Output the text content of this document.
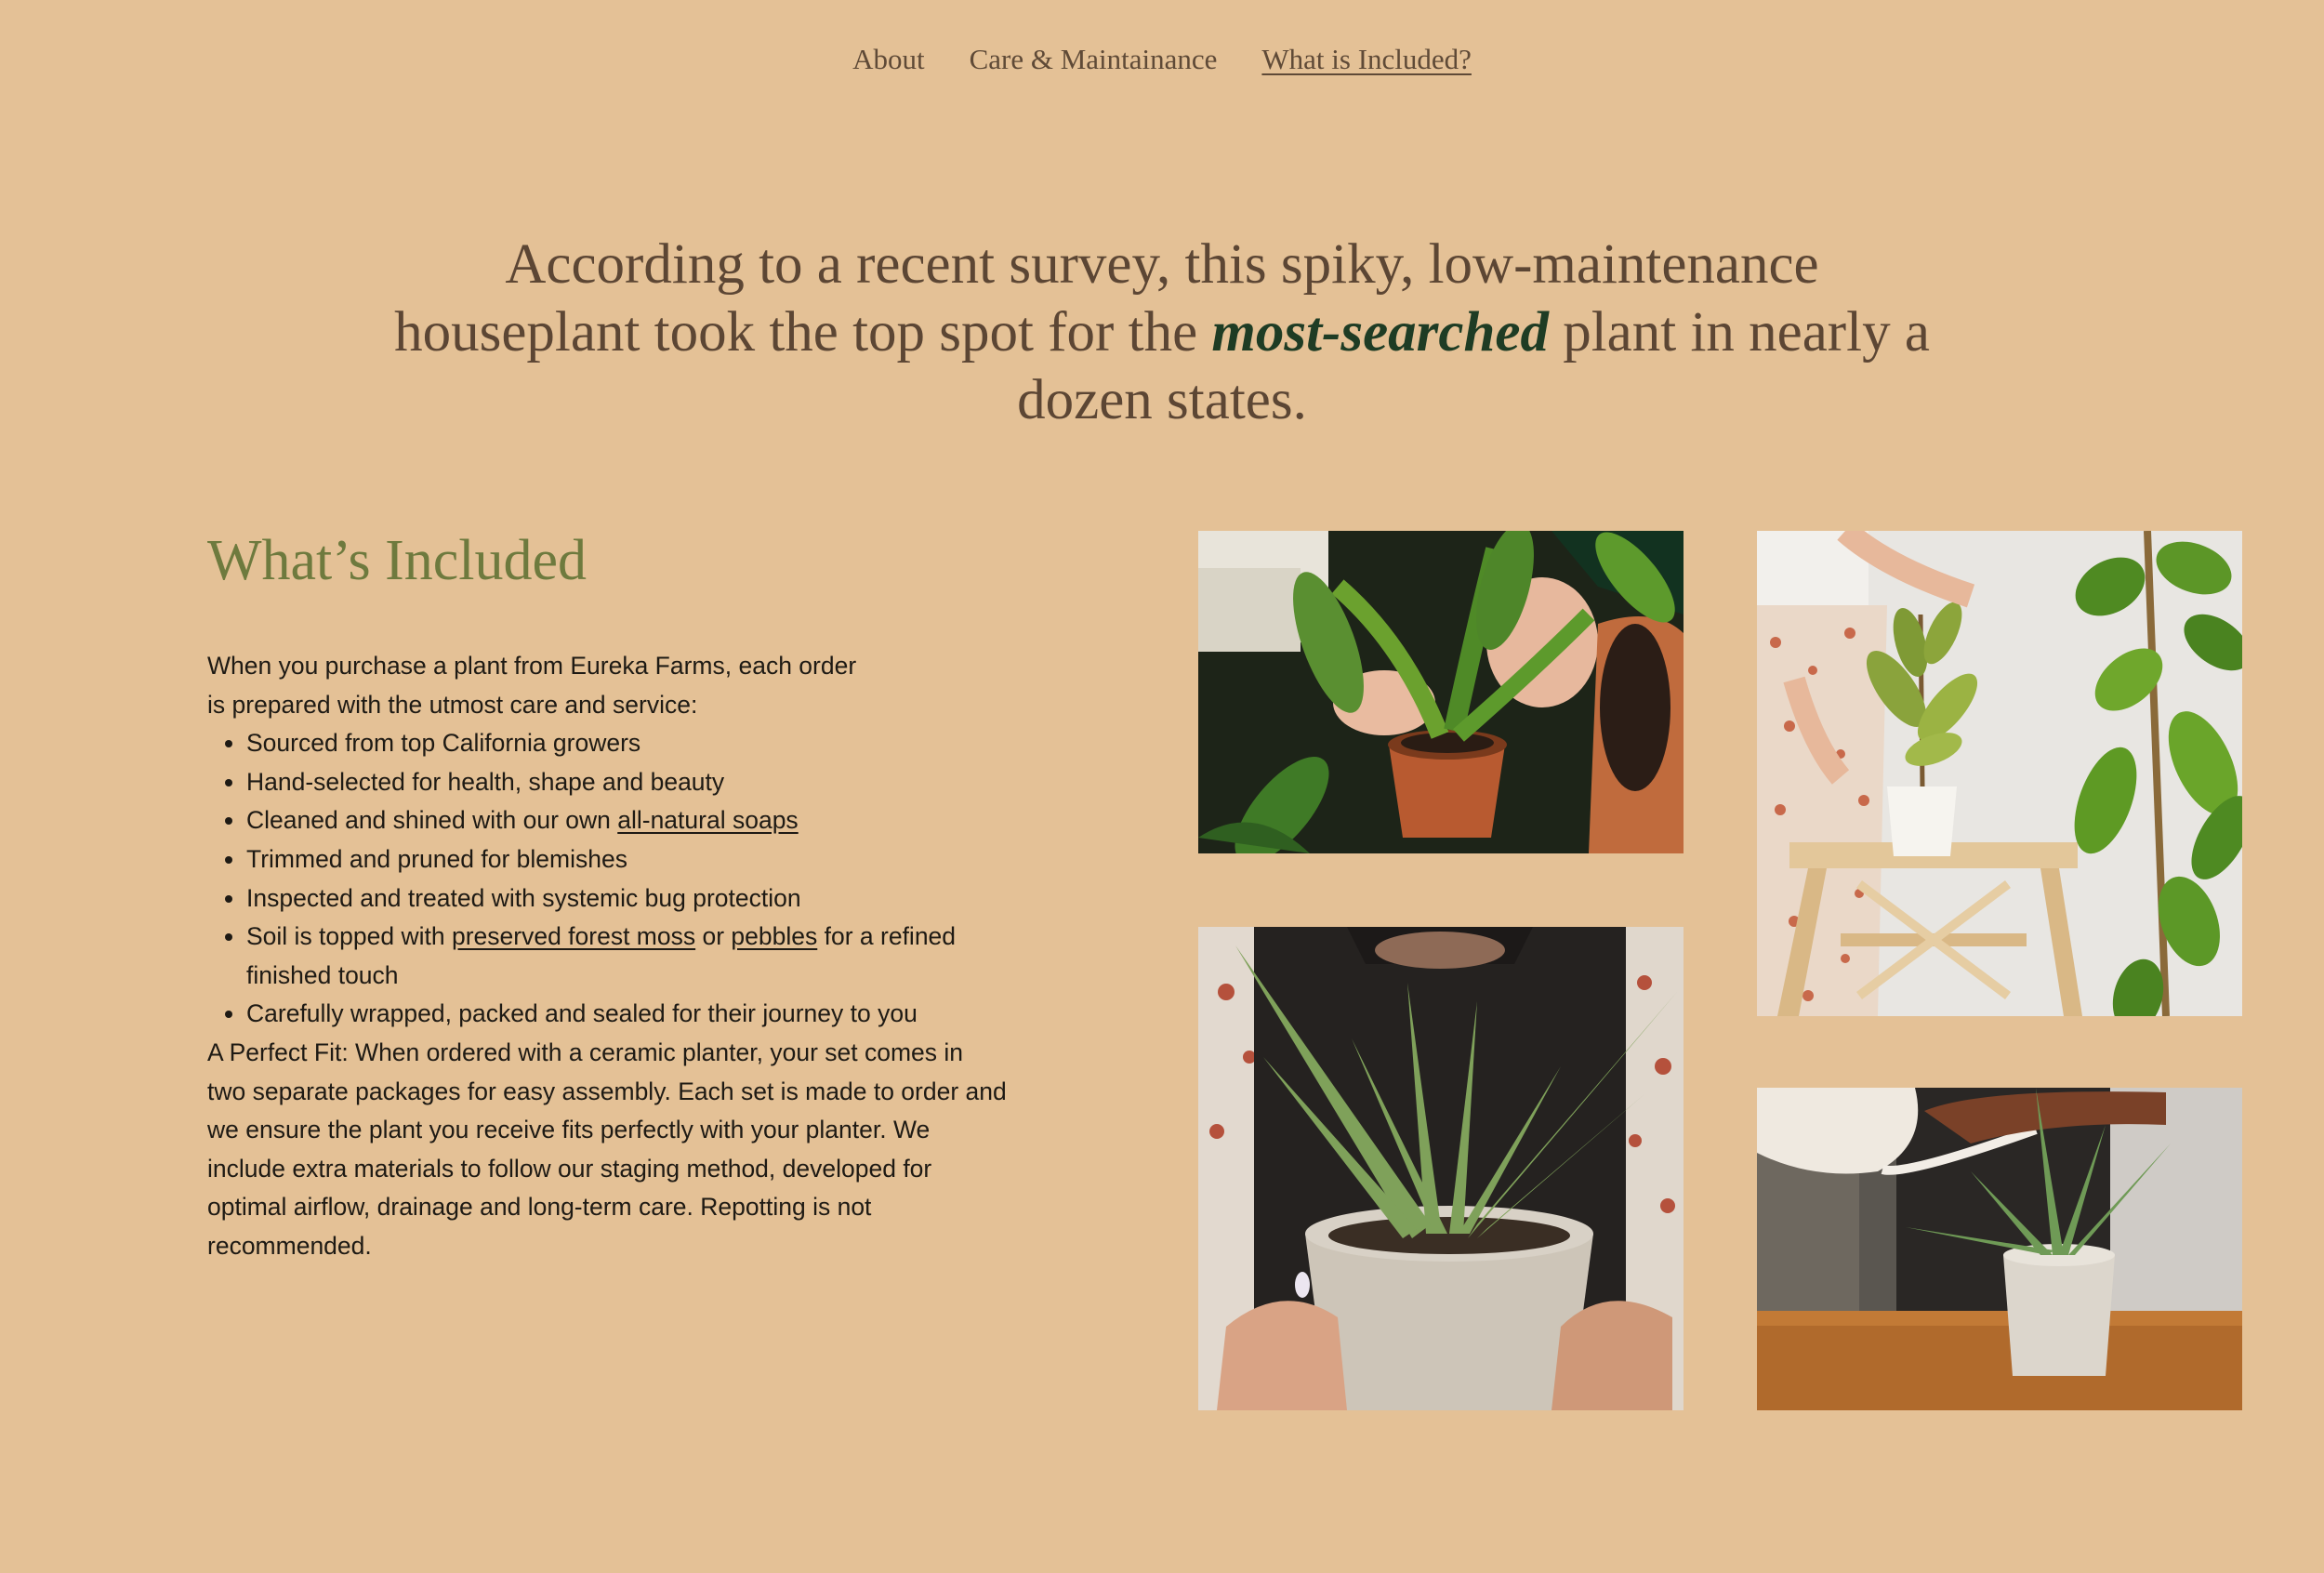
About Care & Maintainance What is Included?
According to a recent survey, this spiky, low-maintenance houseplant took the top spot for the most-searched plant in nearly a dozen states.
What’s Included

When you purchase a plant from Eureka Farms, each order is prepared with the utmost care and service:

• Sourced from top California growers
• Hand-selected for health, shape and beauty
• Cleaned and shined with our own all-natural soaps
• Trimmed and pruned for blemishes
• Inspected and treated with systemic bug protection
• Soil is topped with preserved forest moss or pebbles for a refined finished touch
• Carefully wrapped, packed and sealed for their journey to you

A Perfect Fit: When ordered with a ceramic planter, your set comes in two separate packages for easy assembly. Each set is made to order and we ensure the plant you receive fits perfectly with your planter. We include extra materials to follow our staging method, developed for optimal airflow, drainage and long-term care. Repotting is not recommended.
